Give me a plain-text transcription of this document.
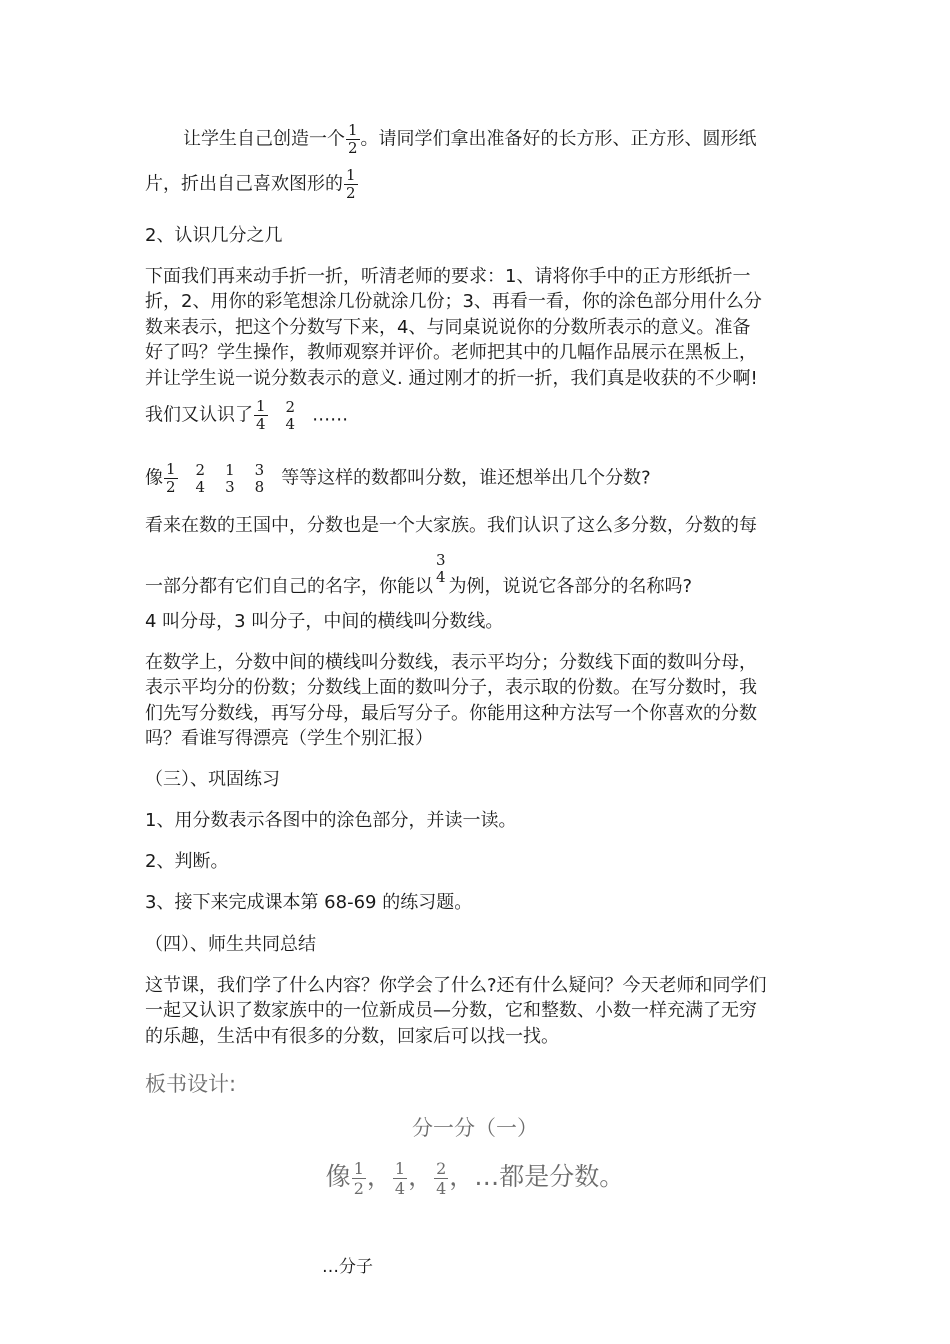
让学生自己创造一个 $\frac{1}{2}$ 。请同学们拿出准备好的长方形、正方形、圆形纸
片，折出自己喜欢图形的 $\frac{1}{2}$
2、认识几分之几
下面我们再来动手折一折，听清老师的要求：1、请将你手中的正方形纸折一
折，2、用你的彩笔想涂几份就涂几份；3、再看一看，你的涂色部分用什么分
数来表示，把这个分数写下来，4、与同桌说说你的分数所表示的意义。准备
好了吗？学生操作，教师观察并评价。老师把其中的几幅作品展示在黑板上，
并让学生说一说分数表示的意义. 通过刚才的折一折，我们真是收获的不少啊!
我们又认识了 $\frac{1}{4} 2$
4 ……
像 $\frac{1}{2} 2$
4
1
3
3
8 等等这样的数都叫分数，谁还想举出几个分数?
看来在数的王国中，分数也是一个大家族。我们认识了这么多分数，分数的每
一部分都有它们自己的名字，你能以
3
4 为例，说说它各部分的名称吗?
4 叫分母，3 叫分子，中间的横线叫分数线。
在数学上，分数中间的横线叫分数线，表示平均分；分数线下面的数叫分母，
表示平均分的份数；分数线上面的数叫分子，表示取的份数。在写分数时，我
们先写分数线，再写分母，最后写分子。你能用这种方法写一个你喜欢的分数
吗？看谁写得漂亮（学生个别汇报）
（三）、巩固练习
1、用分数表示各图中的涂色部分，并读一读。
2、判断。
3、接下来完成课本第 68-69 的练习题。
（四）、师生共同总结
这节课，我们学了什么内容？你学会了什么?还有什么疑问？今天老师和同学们
一起又认识了数家族中的一位新成员—分数，它和整数、小数一样充满了无穷
的乐趣，生活中有很多的分数，回家后可以找一找。
板书设计:
分一分（一）
像 $\frac{1}{2}$ ， $\frac{1}{4}$ ， $\frac{2}{4}$ ，…都是分数。
…分子
